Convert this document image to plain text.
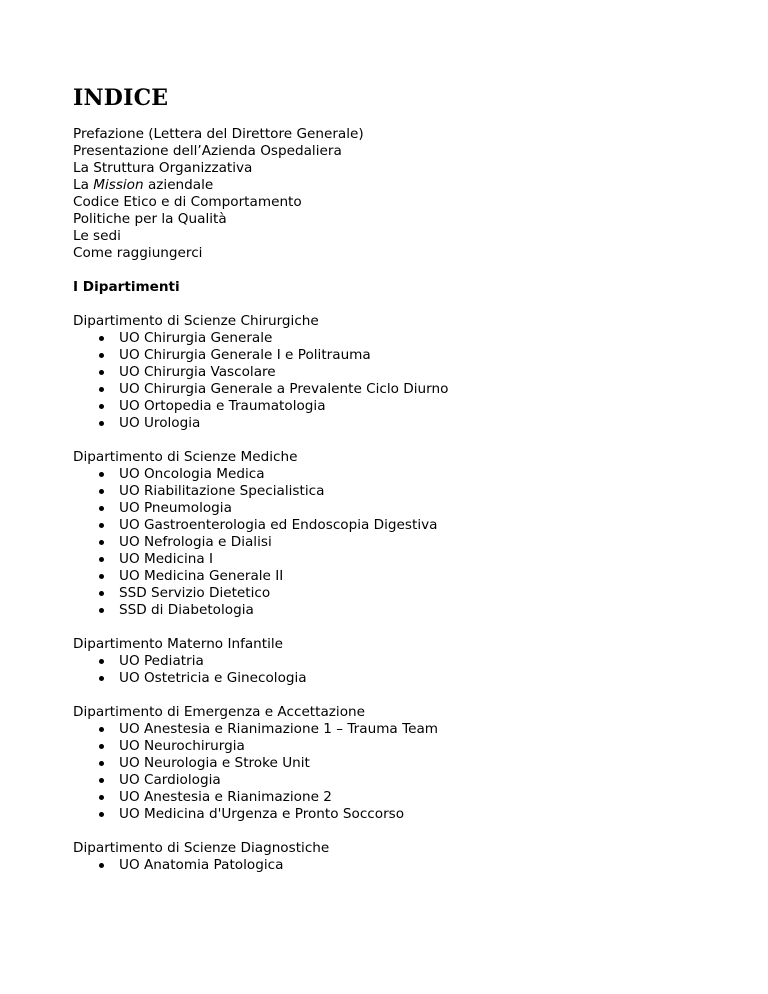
INDICE
Prefazione (Lettera del Direttore Generale)
Presentazione dell’Azienda Ospedaliera
La Struttura Organizzativa
La Mission aziendale
Codice Etico e di Comportamento
Politiche per la Qualità
Le sedi
Come raggiungerci
I Dipartimenti
Dipartimento di Scienze Chirurgiche
UO Chirurgia Generale
UO Chirurgia Generale I e Politrauma
UO Chirurgia Vascolare
UO Chirurgia Generale a Prevalente Ciclo Diurno
UO Ortopedia e Traumatologia
UO Urologia
Dipartimento di Scienze Mediche
UO Oncologia Medica
UO Riabilitazione Specialistica
UO Pneumologia
UO Gastroenterologia ed Endoscopia Digestiva
UO Nefrologia e Dialisi
UO Medicina I
UO Medicina Generale II
SSD Servizio Dietetico
SSD di Diabetologia
Dipartimento Materno Infantile
UO Pediatria
UO Ostetricia e Ginecologia
Dipartimento di Emergenza e Accettazione
UO Anestesia e Rianimazione 1 – Trauma Team
UO Neurochirurgia
UO Neurologia e Stroke Unit
UO Cardiologia
UO Anestesia e Rianimazione 2
UO Medicina d'Urgenza e Pronto Soccorso
Dipartimento di Scienze Diagnostiche
UO Anatomia Patologica
